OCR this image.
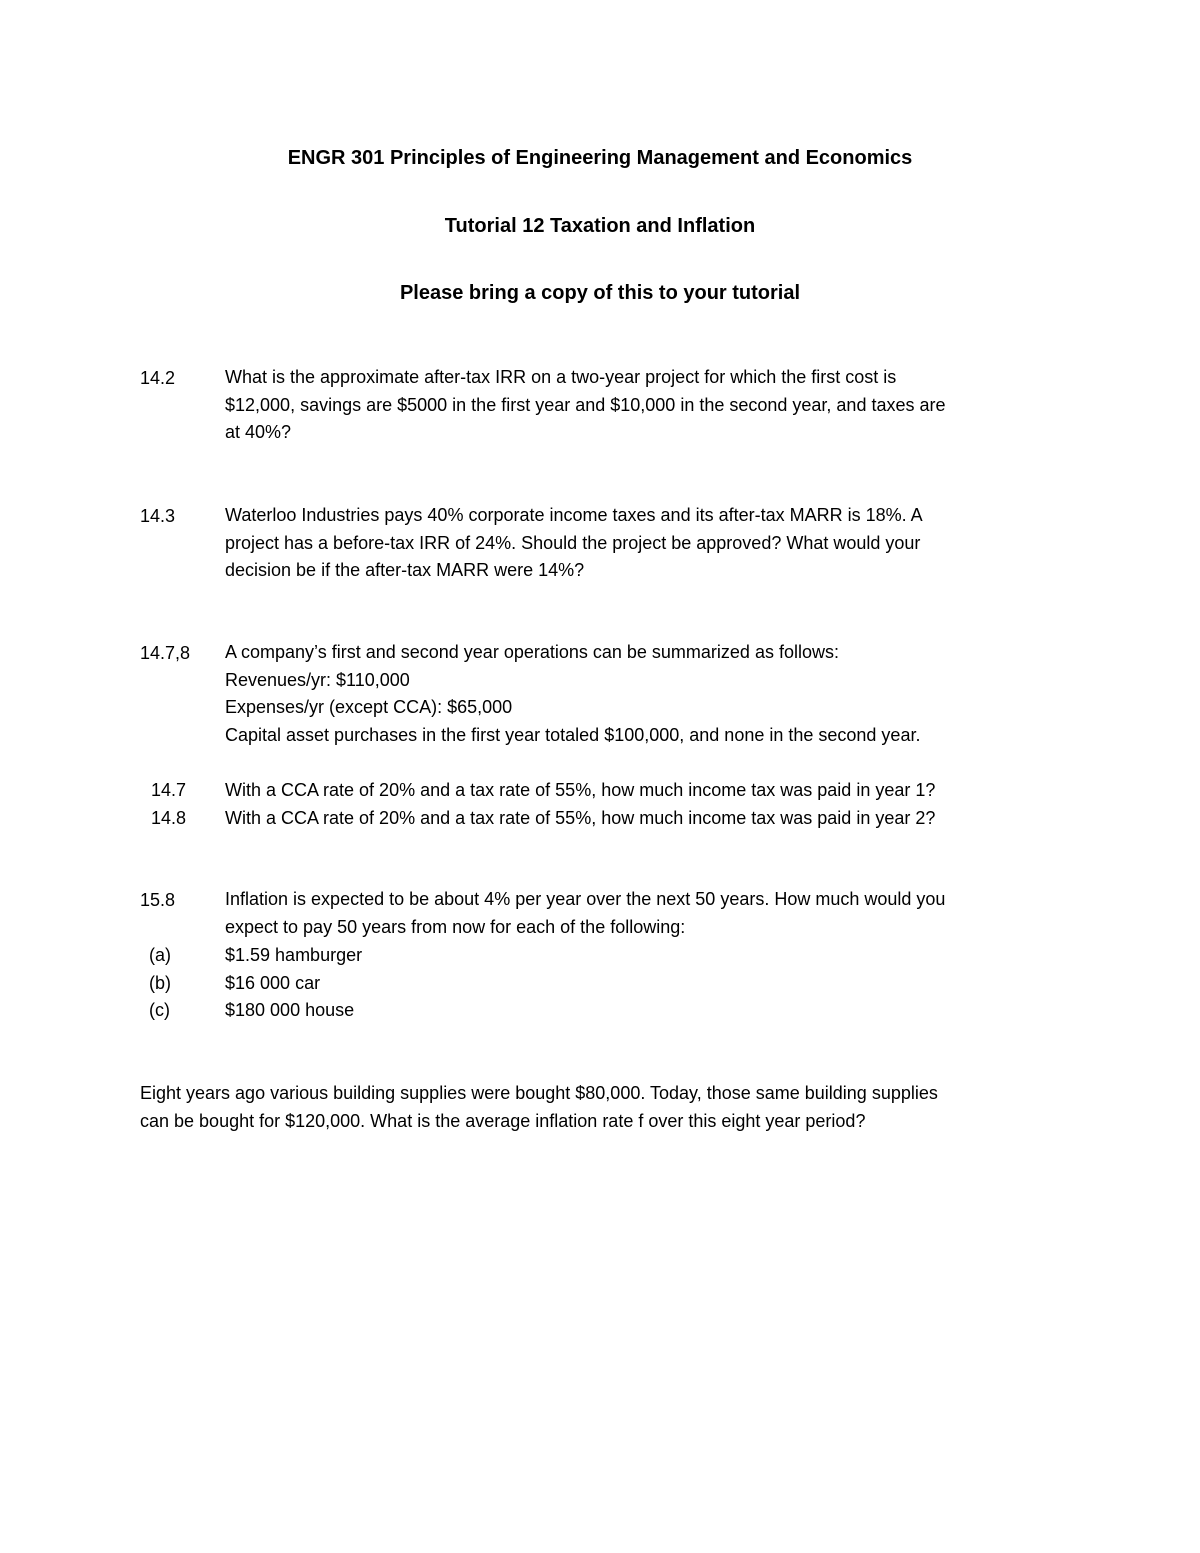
ENGR 301 Principles of Engineering Management and Economics
Tutorial 12 Taxation and Inflation
Please bring a copy of this to your tutorial
14.2	What is the approximate after-tax IRR on a two-year project for which the first cost is
$12,000, savings are $5000 in the first year and $10,000 in the second year, and taxes are
at 40%?
14.3	Waterloo Industries pays 40% corporate income taxes and its after-tax MARR is 18%. A
project has a before-tax IRR of 24%. Should the project be approved? What would your
decision be if the after-tax MARR were 14%?
14.7,8 A company’s first and second year operations can be summarized as follows:
Revenues/yr: $110,000
Expenses/yr (except CCA): $65,000
Capital asset purchases in the first year totaled $100,000, and none in the second year.
14.7 With a CCA rate of 20% and a tax rate of 55%, how much income tax was paid in year 1?
14.8 With a CCA rate of 20% and a tax rate of 55%, how much income tax was paid in year 2?
15.8	Inflation is expected to be about 4% per year over the next 50 years. How much would you
expect to pay 50 years from now for each of the following:
(a)	$1.59 hamburger
(b)	$16 000 car
(c)	$180 000 house
Eight years ago various building supplies were bought $80,000. Today, those same building supplies
can be bought for $120,000. What is the average inflation rate f over this eight year period?
